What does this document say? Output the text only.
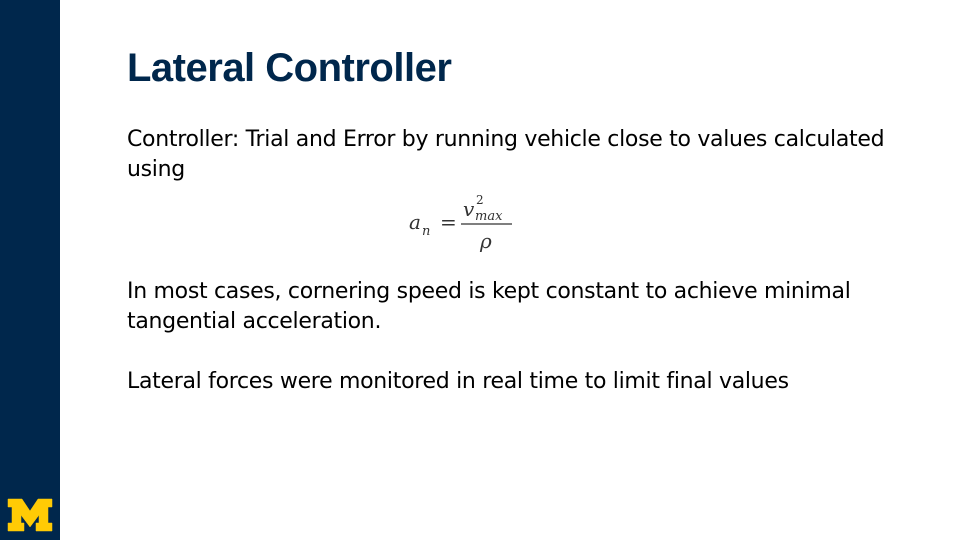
Lateral Controller

Controller: Trial and Error by running vehicle close to values calculated using

a n =
v 2
max
ρ

In most cases, cornering speed is kept constant to achieve minimal tangential acceleration.

Lateral forces were monitored in real time to limit final values
